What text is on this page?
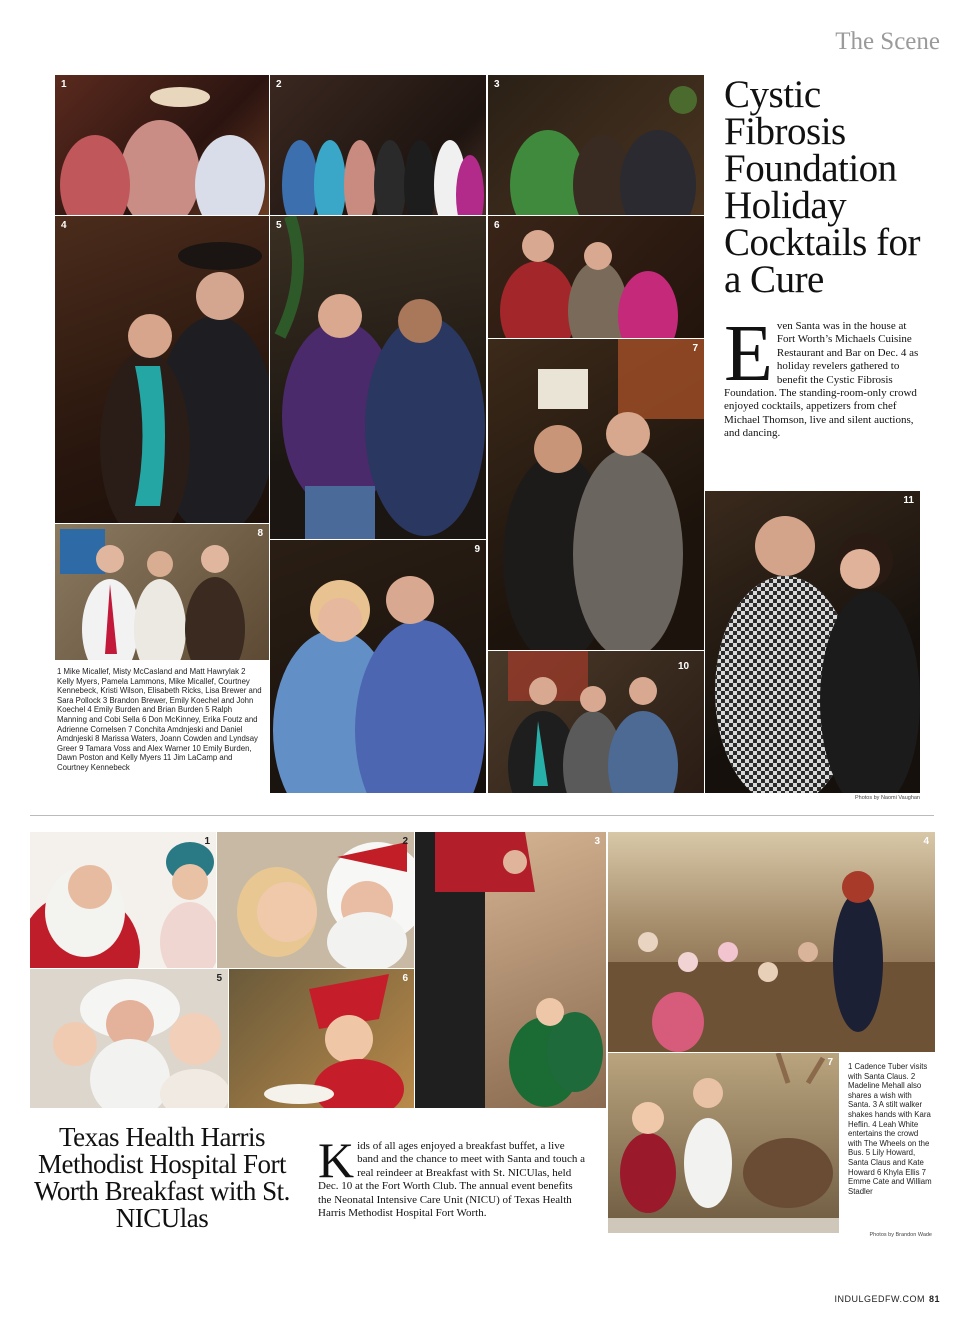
The Scene
1	2	3
4	5	6
7
8
9
10
11
Cystic Fibrosis Foundation Holiday Cocktails for a Cure
Even Santa was in the house at Fort Worth’s Michaels Cuisine Restaurant and Bar on Dec. 4 as holiday revelers gathered to benefit the Cystic Fibrosis Foundation. The standing-room-only crowd enjoyed cocktails, appetizers from chef Michael Thomson, live and silent auctions, and dancing.
1 Mike Micallef, Misty McCasland and Matt Hawrylak 2 Kelly Myers, Pamela Lammons, Mike Micallef, Courtney Kennebeck, Kristi Wilson, Elisabeth Ricks, Lisa Brewer and Sara Pollock 3 Brandon Brewer, Emily Koechel and John Koechel 4 Emily Burden and Brian Burden 5 Ralph Manning and Cobi Sella 6 Don McKinney, Erika Foutz and Adrienne Cornelsen 7 Conchita Amdnjeski and Daniel Amdnjeski 8 Marissa Waters, Joann Cowden and Lyndsay Greer 9 Tamara Voss and Alex Warner 10 Emily Burden, Dawn Poston and Kelly Myers 11 Jim LaCamp and Courtney Kennebeck
Photos by Naomi Vaughan
1	2	3	4
5	6
7
Texas Health Harris Methodist Hospital Fort Worth Breakfast with St. NICUlas
Kids of all ages enjoyed a breakfast buffet, a live band and the chance to meet with Santa and touch a real reindeer at Breakfast with St. NICUlas, held Dec. 10 at the Fort Worth Club. The annual event benefits the Neonatal Intensive Care Unit (NICU) of Texas Health Harris Methodist Hospital Fort Worth.
1 Cadence Tuber visits with Santa Claus. 2 Madeline Mehall also shares a wish with Santa. 3 A stilt walker shakes hands with Kara Heflin. 4 Leah White entertains the crowd with The Wheels on the Bus. 5 Lily Howard, Santa Claus and Kate Howard 6 Khyla Ellis 7 Emme Cate and William Stadler
Photos by Brandon Wade
INDULGEDFW.COM 81
